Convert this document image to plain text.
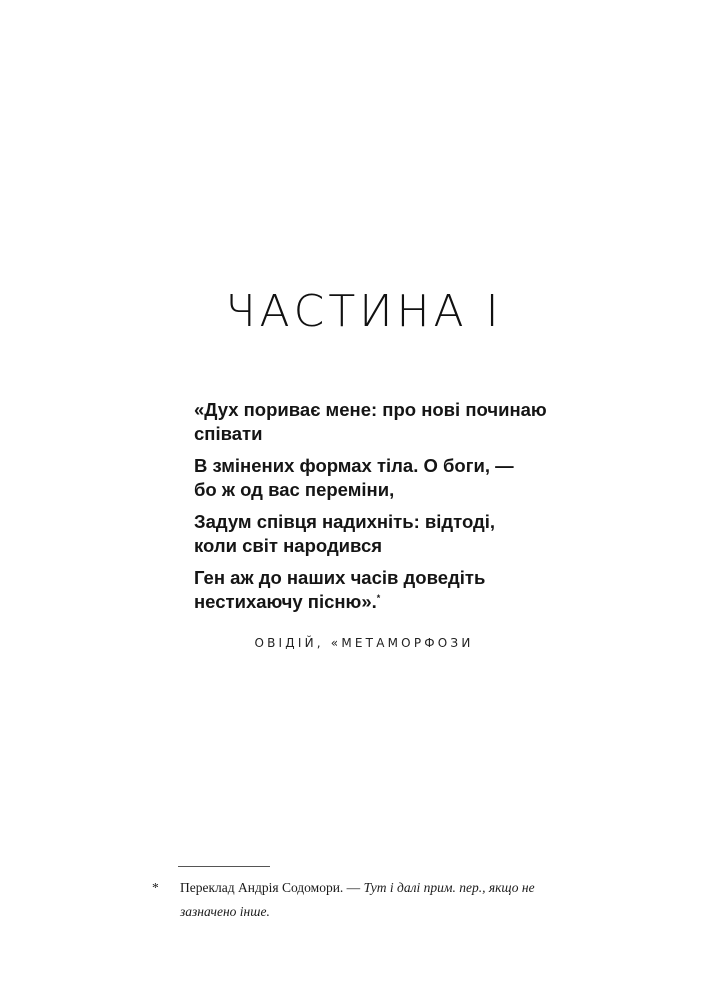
ЧАСТИНА І
«Дух пориває мене: про нові починаю
співати
В змінених формах тіла. О боги, —
бо ж од вас переміни,
Задум співця надихніть: відтоді,
коли світ народився
Ген аж до наших часів доведіть
нестихаючу пісню».*
ОВІДІЙ, «МЕТАМОРФОЗИ
* Переклад Андрія Содомори. — Тут і далі прим. пер., якщо не
зазначено інше.
